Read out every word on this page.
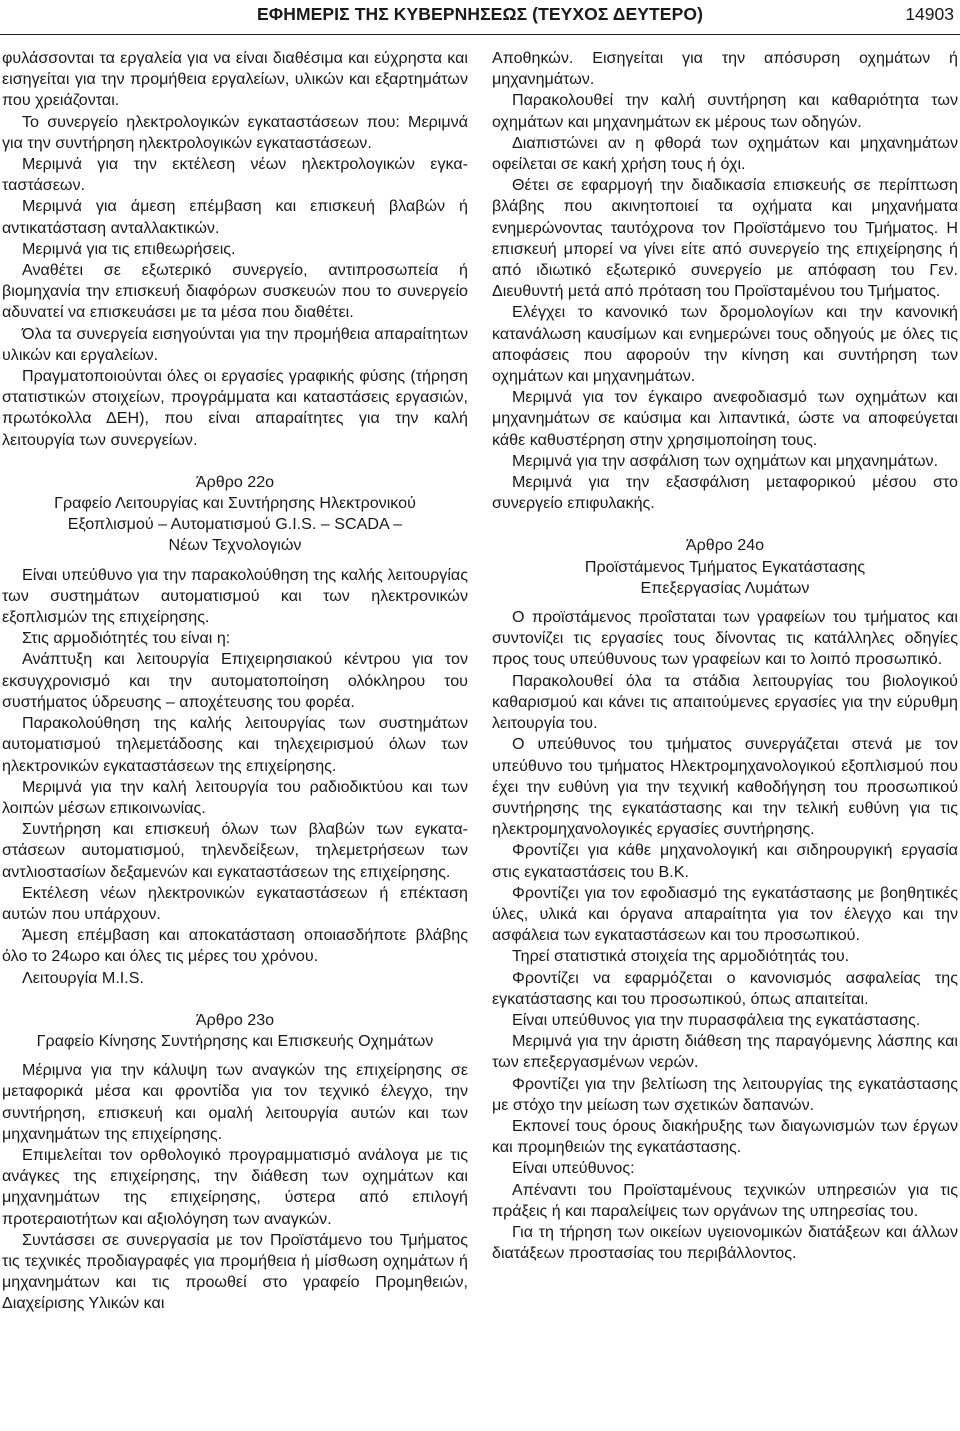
ΕΦΗΜΕΡΙΣ ΤΗΣ ΚΥΒΕΡΝΗΣΕΩΣ (ΤΕΥΧΟΣ ΔΕΥΤΕΡΟ)	14903

φυλάσσονται τα εργαλεία για να είναι διαθέσιμα και εύχρηστα και εισηγείται για την προμήθεια εργαλείων, υλικών και εξαρτημάτων που χρειάζονται.

Το συνεργείο ηλεκτρολογικών εγκαταστάσεων που: Μεριμνά για την συντήρηση ηλεκτρολογικών εγκαταστάσεων.

Μεριμνά για την εκτέλεση νέων ηλεκτρολογικών εγκαταστάσεων.

Μεριμνά για άμεση επέμβαση και επισκευή βλαβών ή αντικατάσταση ανταλλακτικών.

Μεριμνά για τις επιθεωρήσεις.

Αναθέτει σε εξωτερικό συνεργείο, αντιπροσωπεία ή βιομηχανία την επισκευή διαφόρων συσκευών που το συνεργείο αδυνατεί να επισκευάσει με τα μέσα που διαθέτει.

Όλα τα συνεργεία εισηγούνται για την προμήθεια απαραίτητων υλικών και εργαλείων.

Πραγματοποιούνται όλες οι εργασίες γραφικής φύσης (τήρηση στατιστικών στοιχείων, προγράμματα και καταστάσεις εργασιών, πρωτόκολλα ΔΕΗ), που είναι απαραίτητες για την καλή λειτουργία των συνεργείων.

Άρθρο 22ο

Γραφείο Λειτουργίας και Συντήρησης Ηλεκτρονικού

Εξοπλισμού – Αυτοματισμού G.I.S. – SCADA –

Νέων Τεχνολογιών

Είναι υπεύθυνο για την παρακολούθηση της καλής λειτουργίας των συστημάτων αυτοματισμού και των ηλεκτρονικών εξοπλισμών της επιχείρησης.

Στις αρμοδιότητές του είναι η:

Ανάπτυξη και λειτουργία Επιχειρησιακού κέντρου για τον εκσυγχρονισμό και την αυτοματοποίηση ολόκληρου του συστήματος ύδρευσης – αποχέτευσης του φορέα.

Παρακολούθηση της καλής λειτουργίας των συστημάτων αυτοματισμού τηλεμετάδοσης και τηλεχειρισμού όλων των ηλεκτρονικών εγκαταστάσεων της επιχείρησης.

Μεριμνά για την καλή λειτουργία του ραδιοδικτύου και των λοιπών μέσων επικοινωνίας.

Συντήρηση και επισκευή όλων των βλαβών των εγκαταστάσεων αυτοματισμού, τηλενδείξεων, τηλεμετρήσεων των αντλιοστασίων δεξαμενών και εγκαταστάσεων της επιχείρησης.

Εκτέλεση νέων ηλεκτρονικών εγκαταστάσεων ή επέκταση αυτών που υπάρχουν.

Άμεση επέμβαση και αποκατάσταση οποιασδήποτε βλάβης όλο το 24ωρο και όλες τις μέρες του χρόνου.

Λειτουργία M.I.S.

Άρθρο 23ο

Γραφείο Κίνησης Συντήρησης και Επισκευής Οχημάτων

Μέριμνα για την κάλυψη των αναγκών της επιχείρησης σε μεταφορικά μέσα και φροντίδα για τον τεχνικό έλεγχο, την συντήρηση, επισκευή και ομαλή λειτουργία αυτών και των μηχανημάτων της επιχείρησης.

Επιμελείται τον ορθολογικό προγραμματισμό ανάλογα με τις ανάγκες της επιχείρησης, την διάθεση των οχημάτων και μηχανημάτων της επιχείρησης, ύστερα από επιλογή προτεραιοτήτων και αξιολόγηση των αναγκών.

Συντάσσει σε συνεργασία με τον Προϊστάμενο του Τμήματος τις τεχνικές προδιαγραφές για προμήθεια ή μίσθωση οχημάτων ή μηχανημάτων και τις προωθεί στο γραφείο Προμηθειών, Διαχείρισης Υλικών και

Αποθηκών. Εισηγείται για την απόσυρση οχημάτων ή μηχανημάτων.

Παρακολουθεί την καλή συντήρηση και καθαριότητα των οχημάτων και μηχανημάτων εκ μέρους των οδηγών.

Διαπιστώνει αν η φθορά των οχημάτων και μηχανημάτων οφείλεται σε κακή χρήση τους ή όχι.

Θέτει σε εφαρμογή την διαδικασία επισκευής σε περίπτωση βλάβης που ακινητοποιεί τα οχήματα και μηχανήματα ενημερώνοντας ταυτόχρονα τον Προϊστάμενο του Τμήματος. Η επισκευή μπορεί να γίνει είτε από συνεργείο της επιχείρησης ή από ιδιωτικό εξωτερικό συνεργείο με απόφαση του Γεν. Διευθυντή μετά από πρόταση του Προϊσταμένου του Τμήματος.

Ελέγχει το κανονικό των δρομολογίων και την κανονική κατανάλωση καυσίμων και ενημερώνει τους οδηγούς με όλες τις αποφάσεις που αφορούν την κίνηση και συντήρηση των οχημάτων και μηχανημάτων.

Μεριμνά για τον έγκαιρο ανεφοδιασμό των οχημάτων και μηχανημάτων σε καύσιμα και λιπαντικά, ώστε να αποφεύγεται κάθε καθυστέρηση στην χρησιμοποίηση τους.

Μεριμνά για την ασφάλιση των οχημάτων και μηχανημάτων.

Μεριμνά για την εξασφάλιση μεταφορικού μέσου στο συνεργείο επιφυλακής.

Άρθρο 24ο

Προϊστάμενος Τμήματος Εγκατάστασης

Επεξεργασίας Λυμάτων

Ο προϊστάμενος προΐσταται των γραφείων του τμήματος και συντονίζει τις εργασίες τους δίνοντας τις κατάλληλες οδηγίες προς τους υπεύθυνους των γραφείων και το λοιπό προσωπικό.

Παρακολουθεί όλα τα στάδια λειτουργίας του βιολογικού καθαρισμού και κάνει τις απαιτούμενες εργασίες για την εύρυθμη λειτουργία του.

Ο υπεύθυνος του τμήματος συνεργάζεται στενά με τον υπεύθυνο του τμήματος Ηλεκτρομηχανολογικού εξοπλισμού που έχει την ευθύνη για την τεχνική καθοδήγηση του προσωπικού συντήρησης της εγκατάστασης και την τελική ευθύνη για τις ηλεκτρομηχανολογικές εργασίες συντήρησης.

Φροντίζει για κάθε μηχανολογική και σιδηρουργική εργασία στις εγκαταστάσεις του Β.Κ.

Φροντίζει για τον εφοδιασμό της εγκατάστασης με βοηθητικές ύλες, υλικά και όργανα απαραίτητα για τον έλεγχο και την ασφάλεια των εγκαταστάσεων και του προσωπικού.

Τηρεί στατιστικά στοιχεία της αρμοδιότητάς του.

Φροντίζει να εφαρμόζεται ο κανονισμός ασφαλείας της εγκατάστασης και του προσωπικού, όπως απαιτείται.

Είναι υπεύθυνος για την πυρασφάλεια της εγκατάστασης.

Μεριμνά για την άριστη διάθεση της παραγόμενης λάσπης και των επεξεργασμένων νερών.

Φροντίζει για την βελτίωση της λειτουργίας της εγκατάστασης με στόχο την μείωση των σχετικών δαπανών.

Εκπονεί τους όρους διακήρυξης των διαγωνισμών των έργων και προμηθειών της εγκατάστασης.

Είναι υπεύθυνος:

Απέναντι του Προϊσταμένους τεχνικών υπηρεσιών για τις πράξεις ή και παραλείψεις των οργάνων της υπηρεσίας του.

Για τη τήρηση των οικείων υγειονομικών διατάξεων και άλλων διατάξεων προστασίας του περιβάλλοντος.
